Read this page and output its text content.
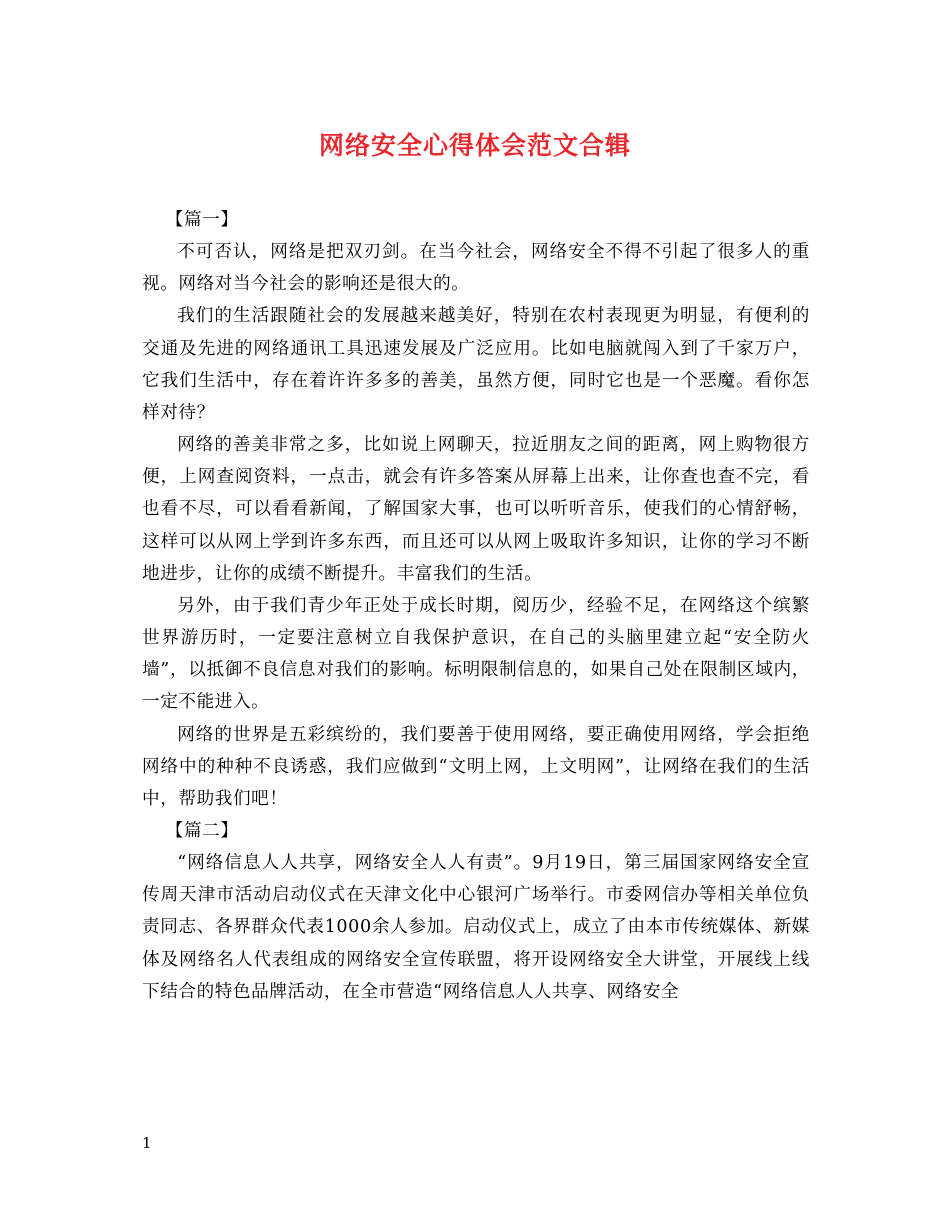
网络安全心得体会范文合辑

【篇一】

不可否认，网络是把双刃剑。在当今社会，网络安全不得不引起了很多人的重视。网络对当今社会的影响还是很大的。

我们的生活跟随社会的发展越来越美好，特别在农村表现更为明显，有便利的交通及先进的网络通讯工具迅速发展及广泛应用。比如电脑就闯入到了千家万户，它我们生活中，存在着许许多多的善美，虽然方便，同时它也是一个恶魔。看你怎样对待？

网络的善美非常之多，比如说上网聊天，拉近朋友之间的距离，网上购物很方便，上网查阅资料，一点击，就会有许多答案从屏幕上出来，让你查也查不完，看也看不尽，可以看看新闻，了解国家大事，也可以听听音乐，使我们的心情舒畅，这样可以从网上学到许多东西，而且还可以从网上吸取许多知识，让你的学习不断地进步，让你的成绩不断提升。丰富我们的生活。

另外，由于我们青少年正处于成长时期，阅历少，经验不足，在网络这个缤繁世界游历时，一定要注意树立自我保护意识，在自己的头脑里建立起“安全防火墙”，以抵御不良信息对我们的影响。标明限制信息的，如果自己处在限制区域内，一定不能进入。

网络的世界是五彩缤纷的，我们要善于使用网络，要正确使用网络，学会拒绝网络中的种种不良诱惑，我们应做到“文明上网，上文明网”，让网络在我们的生活中，帮助我们吧！

【篇二】

“网络信息人人共享，网络安全人人有责”。9月19日，第三届国家网络安全宣传周天津市活动启动仪式在天津文化中心银河广场举行。市委网信办等相关单位负责同志、各界群众代表1000余人参加。启动仪式上，成立了由本市传统媒体、新媒体及网络名人代表组成的网络安全宣传联盟，将开设网络安全大讲堂，开展线上线下结合的特色品牌活动，在全市营造“网络信息人人共享、网络安全

1
